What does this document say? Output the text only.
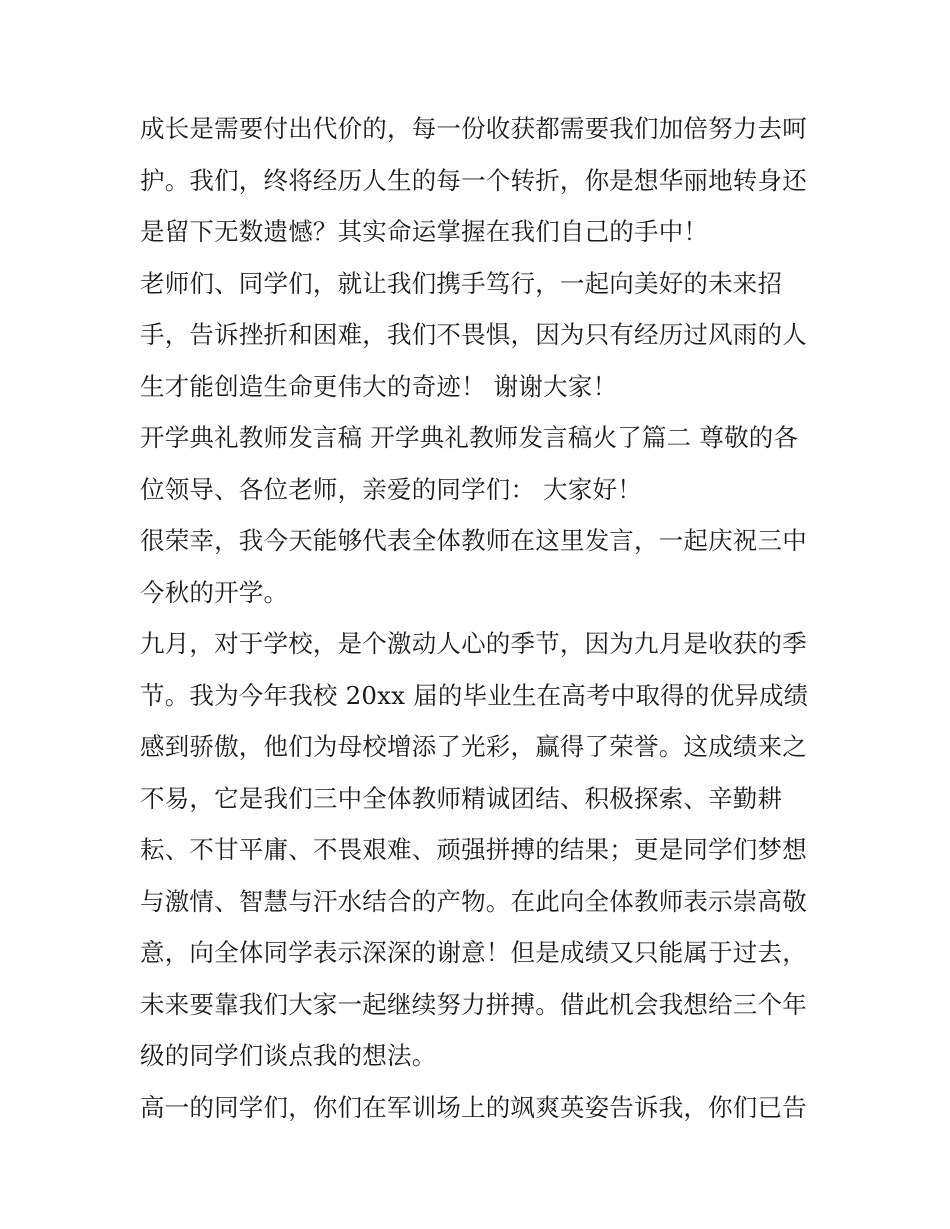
成长是需要付出代价的，每一份收获都需要我们加倍努力去呵
护。我们，终将经历人生的每一个转折，你是想华丽地转身还
是留下无数遗憾？其实命运掌握在我们自己的手中！
老师们、同学们，就让我们携手笃行，一起向美好的未来招
手，告诉挫折和困难，我们不畏惧，因为只有经历过风雨的人
生才能创造生命更伟大的奇迹！ 谢谢大家！
开学典礼教师发言稿 开学典礼教师发言稿火了篇二 尊敬的各
位领导、各位老师，亲爱的同学们： 大家好！
很荣幸，我今天能够代表全体教师在这里发言，一起庆祝三中
今秋的开学。
九月，对于学校，是个激动人心的季节，因为九月是收获的季
节。我为今年我校 20xx 届的毕业生在高考中取得的优异成绩
感到骄傲，他们为母校增添了光彩，赢得了荣誉。这成绩来之
不易，它是我们三中全体教师精诚团结、积极探索、辛勤耕
耘、不甘平庸、不畏艰难、顽强拼搏的结果；更是同学们梦想
与激情、智慧与汗水结合的产物。在此向全体教师表示崇高敬
意，向全体同学表示深深的谢意！但是成绩又只能属于过去，
未来要靠我们大家一起继续努力拼搏。借此机会我想给三个年
级的同学们谈点我的想法。
高一的同学们，你们在军训场上的飒爽英姿告诉我，你们已告
